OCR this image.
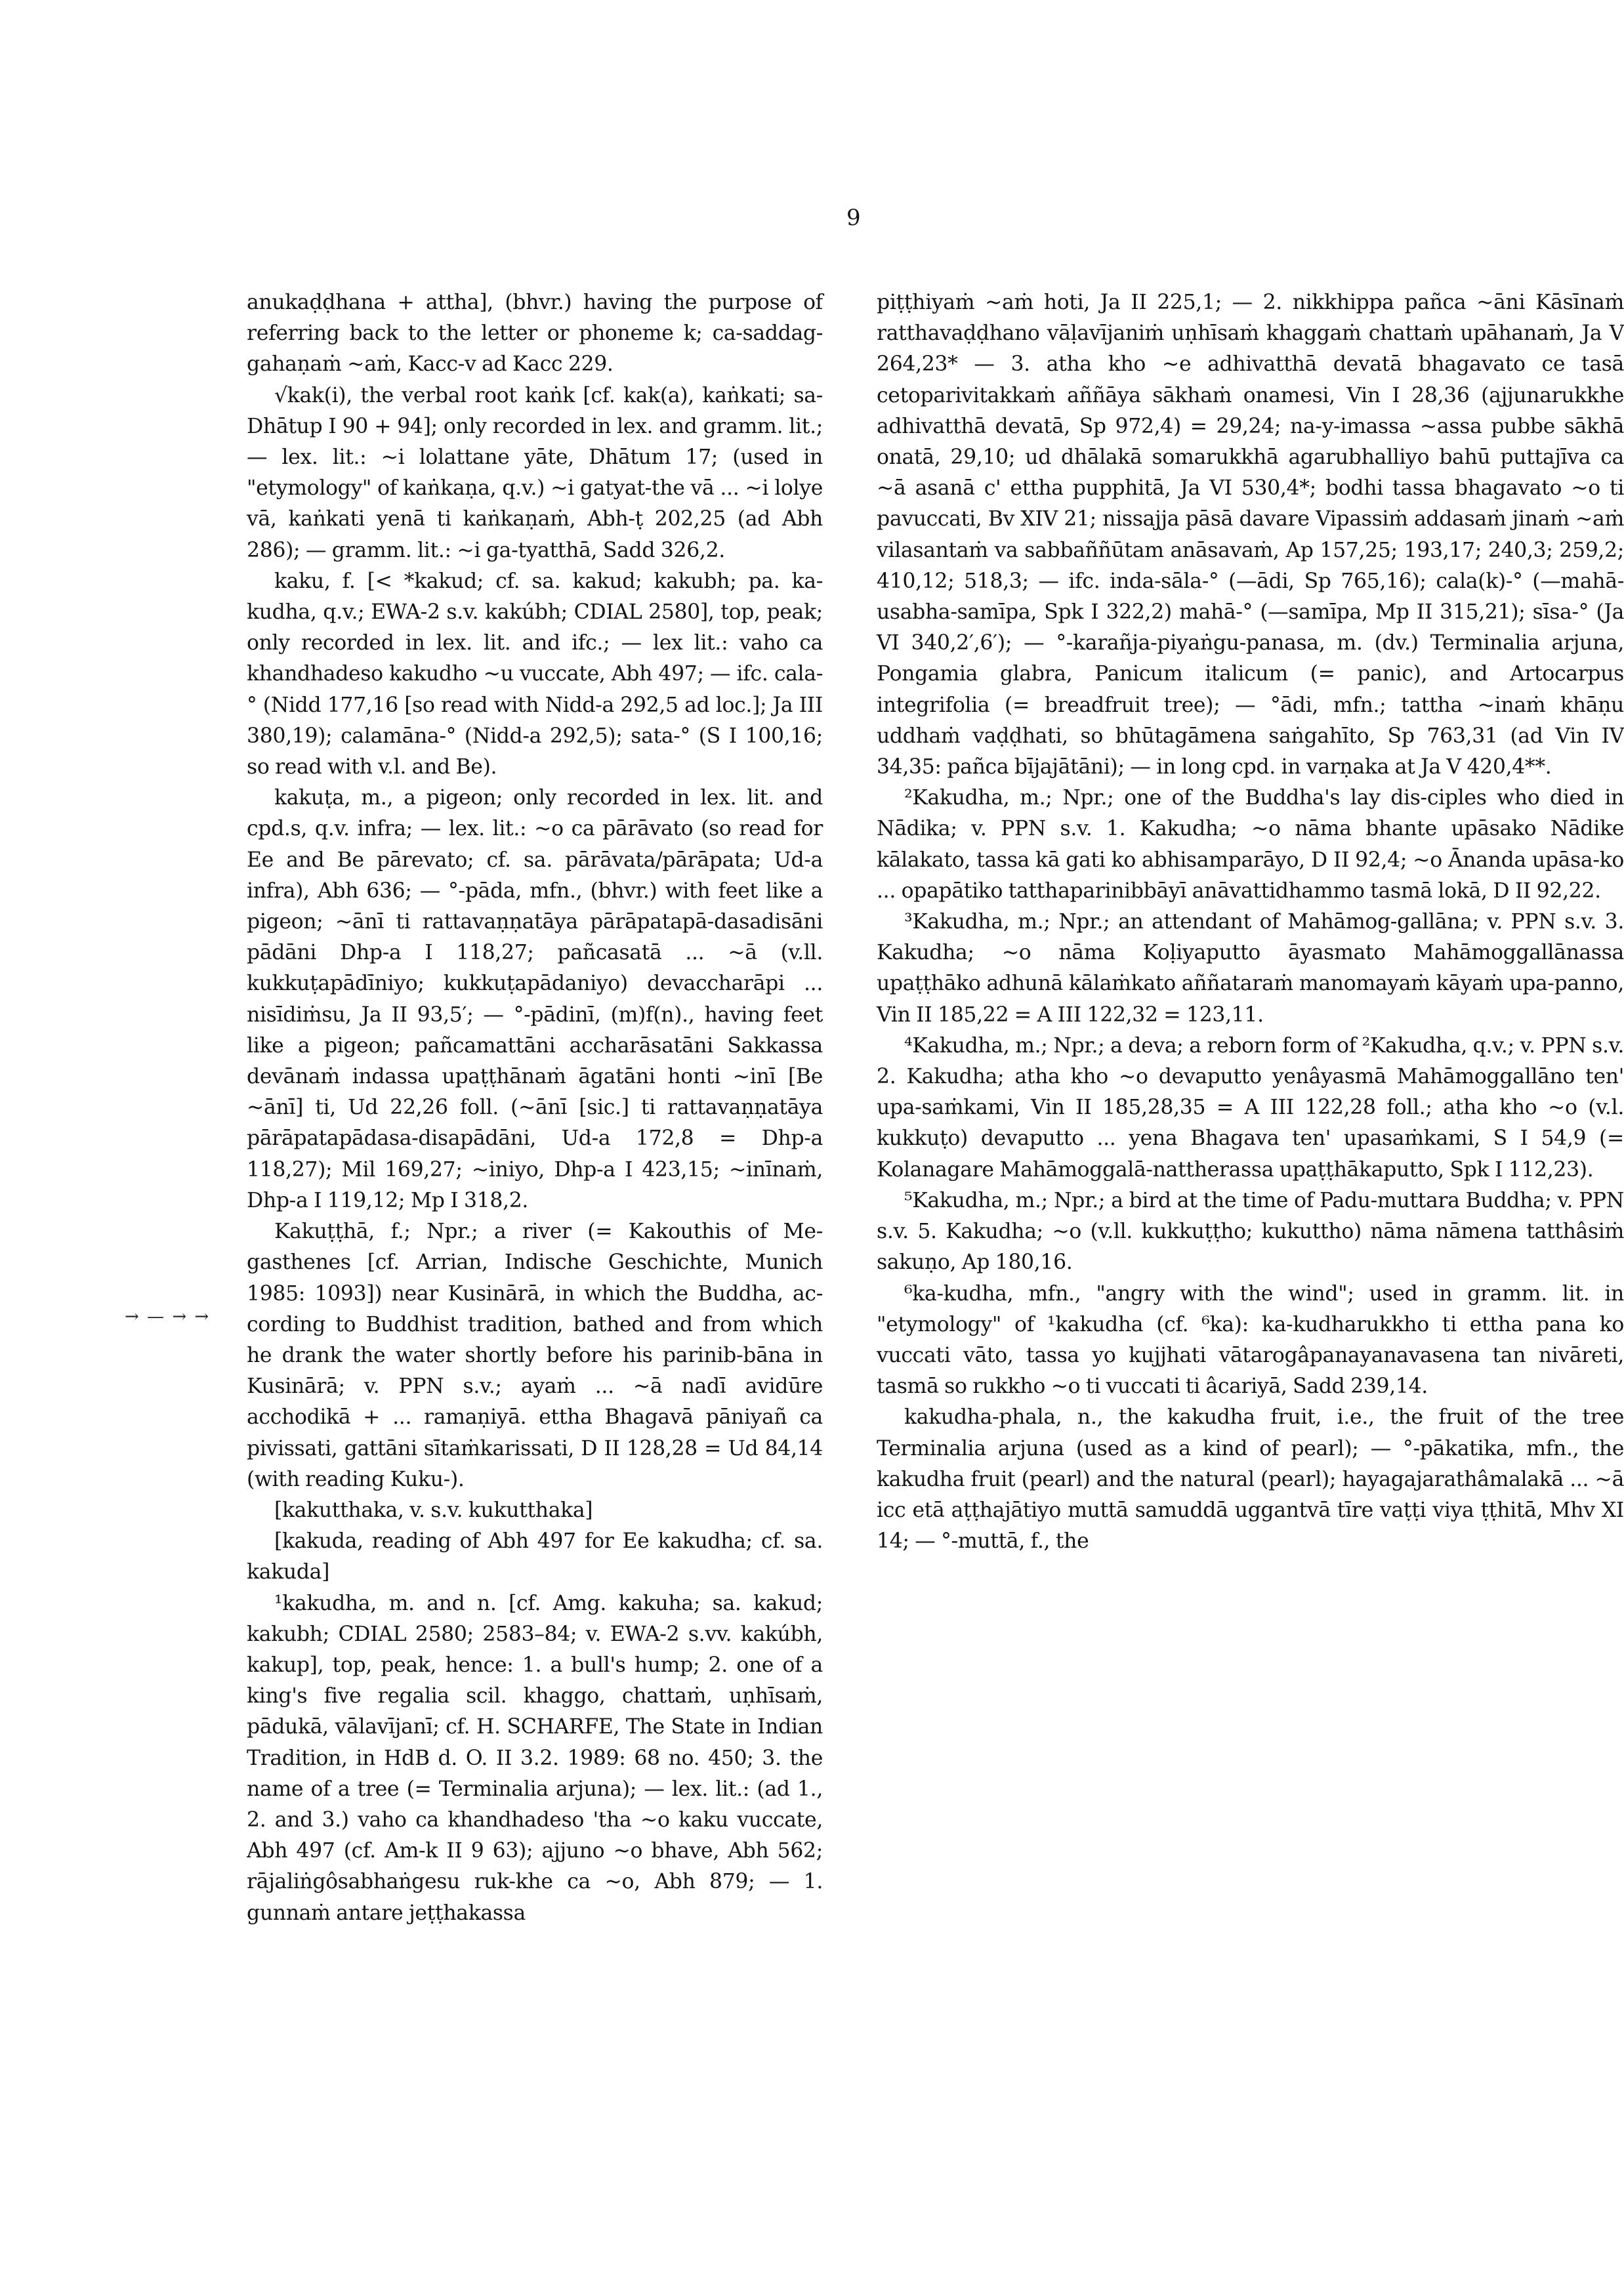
9
→ — → →

anukaḍḍhana + attha], (bhvr.) having the purpose of referring back to the letter or phoneme k; ca-saddag-gahaṇaṁ ~aṁ, Kacc-v ad Kacc 229.

√kak(i), the verbal root kaṅk [cf. kak(a), kaṅkati; sa-Dhātup I 90 + 94]; only recorded in lex. and gramm. lit.; — lex. lit.: ~i lolattane yāte, Dhātum 17; (used in "etymology" of kaṅkaṇa, q.v.) ~i gatyat-the vā ... ~i lolye vā, kaṅkati yenā ti kaṅkaṇaṁ, Abh-ṭ 202,25 (ad Abh 286); — gramm. lit.: ~i ga-tyatthā, Sadd 326,2.

kaku, f. [< *kakud; cf. sa. kakud; kakubh; pa. ka-kudha, q.v.; EWA-2 s.v. kakúbh; CDIAL 2580], top, peak; only recorded in lex. lit. and ifc.; — lex lit.: vaho ca khandhadeso kakudho ~u vuccate, Abh 497; — ifc. cala-° (Nidd 177,16 [so read with Nidd-a 292,5 ad loc.]; Ja III 380,19); calamāna-° (Nidd-a 292,5); sata-° (S I 100,16; so read with v.l. and Be).

kakuṭa, m., a pigeon; only recorded in lex. lit. and cpd.s, q.v. infra; — lex. lit.: ~o ca pārāvato (so read for Ee and Be pārevato; cf. sa. pārāvata/pārāpata; Ud-a infra), Abh 636; — °-pāda, mfn., (bhvr.) with feet like a pigeon; ~ānī ti rattavaṇṇatāya pārāpatapā-dasadisāni pādāni Dhp-a I 118,27; pañcasatā ... ~ā (v.ll. kukkuṭapādīniyo; kukkuṭapādaniyo) devaccharāpi ... nisīdiṁsu, Ja II 93,5′; — °-pādinī, (m)f(n)., having feet like a pigeon; pañcamattāni accharāsatāni Sakkassa devānaṁ indassa upaṭṭhānaṁ āgatāni honti ~inī [Be ~ānī] ti, Ud 22,26 foll. (~ānī [sic.] ti rattavaṇṇatāya pārāpatapādasa-disapādāni, Ud-a 172,8 = Dhp-a 118,27); Mil 169,27; ~iniyo, Dhp-a I 423,15; ~inīnaṁ, Dhp-a I 119,12; Mp I 318,2.

Kakuṭṭhā, f.; Npr.; a river (= Kakouthis of Me-gasthenes [cf. Arrian, Indische Geschichte, Munich 1985: 1093]) near Kusinārā, in which the Buddha, ac-cording to Buddhist tradition, bathed and from which he drank the water shortly before his parinib-bāna in Kusinārā; v. PPN s.v.; ayaṁ ... ~ā nadī avidūre acchodikā + ... ramaṇiyā. ettha Bhagavā pāniyañ ca pivissati, gattāni sītaṁkarissati, D II 128,28 = Ud 84,14 (with reading Kuku-).

[kakutthaka, v. s.v. kukutthaka]

[kakuda, reading of Abh 497 for Ee kakudha; cf. sa. kakuda]

¹kakudha, m. and n. [cf. Amg. kakuha; sa. kakud; kakubh; CDIAL 2580; 2583–84; v. EWA-2 s.vv. kakúbh, kakup], top, peak, hence: 1. a bull's hump; 2. one of a king's five regalia scil. khaggo, chattaṁ, uṇhīsaṁ, pādukā, vālavījanī; cf. H. SCHARFE, The State in Indian Tradition, in HdB d. O. II 3.2. 1989: 68 no. 450; 3. the name of a tree (= Terminalia arjuna); — lex. lit.: (ad 1., 2. and 3.) vaho ca khandhadeso 'tha ~o kaku vuccate, Abh 497 (cf. Am-k II 9 63); ajjuno ~o bhave, Abh 562; rājaliṅgôsabhaṅgesu ruk-khe ca ~o, Abh 879; — 1. gunnaṁ antare jeṭṭhakassa

piṭṭhiyaṁ ~aṁ hoti, Ja II 225,1; — 2. nikkhippa pañca ~āni Kāsīnaṁ ratthavaḍḍhano vāḷavījaniṁ uṇhīsaṁ khaggaṁ chattaṁ upāhanaṁ, Ja V 264,23* — 3. atha kho ~e adhivatthā devatā bhagavato ce tasā cetoparivitakkaṁ aññāya sākhaṁ onamesi, Vin I 28,36 (ajjunarukkhe adhivatthā devatā, Sp 972,4) = 29,24; na-y-imassa ~assa pubbe sākhā onatā, 29,10; ud dhālakā somarukkhā agarubhalliyo bahū puttajīva ca ~ā asanā c' ettha pupphitā, Ja VI 530,4*; bodhi tassa bhagavato ~o ti pavuccati, Bv XIV 21; nissajja pāsā davare Vipassiṁ addasaṁ jinaṁ ~aṁ vilasantaṁ va sabbaññūtam anāsavaṁ, Ap 157,25; 193,17; 240,3; 259,2; 410,12; 518,3; — ifc. inda-sāla-° (—ādi, Sp 765,16); cala(k)-° (—mahā-usabha-samīpa, Spk I 322,2) mahā-° (—samīpa, Mp II 315,21); sīsa-° (Ja VI 340,2′,6′); — °-karañja-piyaṅgu-panasa, m. (dv.) Terminalia arjuna, Pongamia glabra, Panicum italicum (= panic), and Artocarpus integrifolia (= breadfruit tree); — °ādi, mfn.; tattha ~inaṁ khāṇu uddhaṁ vaḍḍhati, so bhūtagāmena saṅgahīto, Sp 763,31 (ad Vin IV 34,35: pañca bījajātāni); — in long cpd. in varṇaka at Ja V 420,4**.

²Kakudha, m.; Npr.; one of the Buddha's lay dis-ciples who died in Nādika; v. PPN s.v. 1. Kakudha; ~o nāma bhante upāsako Nādike kālakato, tassa kā gati ko abhisamparāyo, D II 92,4; ~o Ānanda upāsa-ko ... opapātiko tatthaparinibbāyī anāvattidhammo tasmā lokā, D II 92,22.

³Kakudha, m.; Npr.; an attendant of Mahāmog-gallāna; v. PPN s.v. 3. Kakudha; ~o nāma Koḷiyaputto āyasmato Mahāmoggallānassa upaṭṭhāko adhunā kālaṁkato aññataraṁ manomayaṁ kāyaṁ upa-panno, Vin II 185,22 = A III 122,32 = 123,11.

⁴Kakudha, m.; Npr.; a deva; a reborn form of ²Kakudha, q.v.; v. PPN s.v. 2. Kakudha; atha kho ~o devaputto yenâyasmā Mahāmoggallāno ten' upa-saṁkami, Vin II 185,28,35 = A III 122,28 foll.; atha kho ~o (v.l. kukkuṭo) devaputto ... yena Bhagava ten' upasaṁkami, S I 54,9 (= Kolanagare Mahāmoggalā-nattherassa upaṭṭhākaputto, Spk I 112,23).

⁵Kakudha, m.; Npr.; a bird at the time of Padu-muttara Buddha; v. PPN s.v. 5. Kakudha; ~o (v.ll. kukkuṭṭho; kukuttho) nāma nāmena tatthâsiṁ sakuṇo, Ap 180,16.

⁶ka-kudha, mfn., "angry with the wind"; used in gramm. lit. in "etymology" of ¹kakudha (cf. ⁶ka): ka-kudharukkho ti ettha pana ko vuccati vāto, tassa yo kujjhati vātarogâpanayanavasena tan nivāreti, tasmā so rukkho ~o ti vuccati ti âcariyā, Sadd 239,14.

kakudha-phala, n., the kakudha fruit, i.e., the fruit of the tree Terminalia arjuna (used as a kind of pearl); — °-pākatika, mfn., the kakudha fruit (pearl) and the natural (pearl); hayagajarathâmalakā ... ~ā icc etā aṭṭhajātiyo muttā samuddā uggantvā tīre vaṭṭi viya ṭṭhitā, Mhv XI 14; — °-muttā, f., the
